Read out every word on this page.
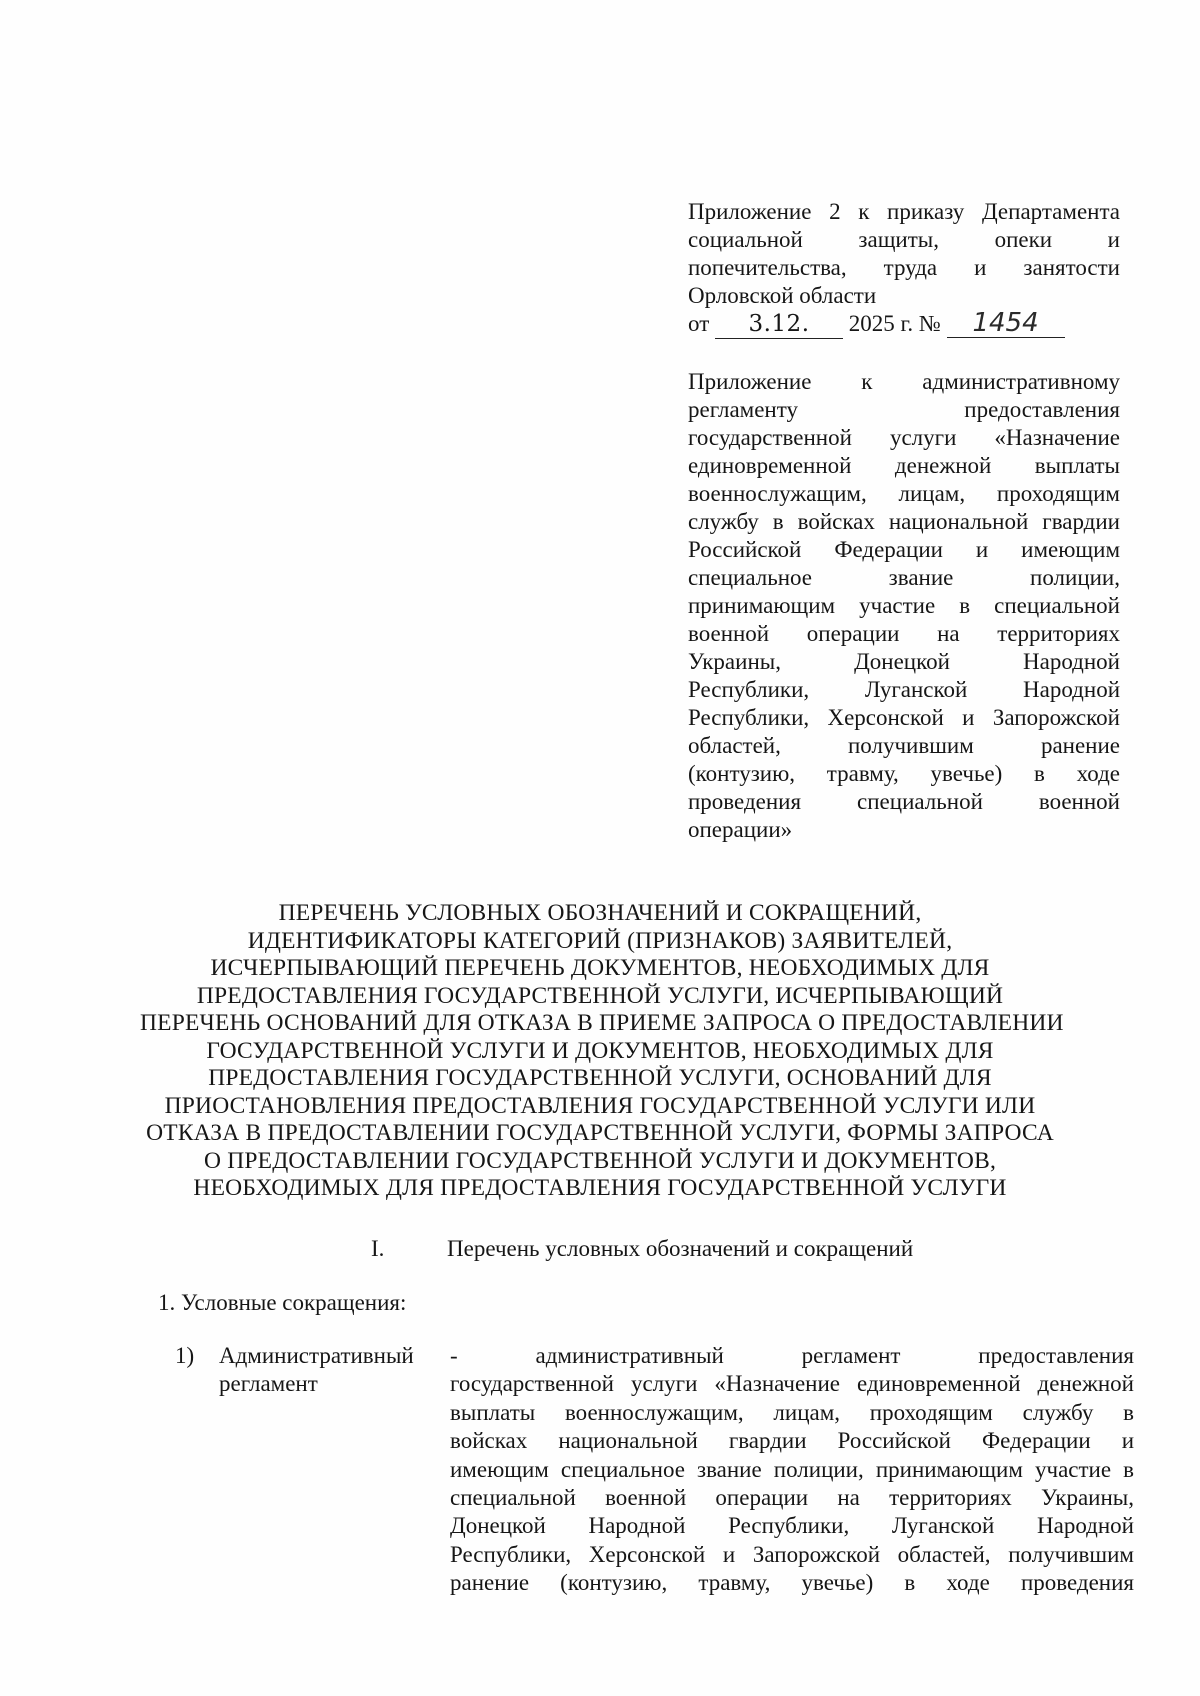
Приложение 2 к приказу Департамента
социальной защиты, опеки и
попечительства, труда и занятости
Орловской области
от 3.12. 2025 г. № 1454
Приложение к административному
регламенту предоставления
государственной услуги «Назначение
единовременной денежной выплаты
военнослужащим, лицам, проходящим
службу в войсках национальной гвардии
Российской Федерации и имеющим
специальное звание полиции,
принимающим участие в специальной
военной операции на территориях
Украины, Донецкой Народной
Республики, Луганской Народной
Республики, Херсонской и Запорожской
областей, получившим ранение
(контузию, травму, увечье) в ходе
проведения специальной военной
операции»
ПЕРЕЧЕНЬ УСЛОВНЫХ ОБОЗНАЧЕНИЙ И СОКРАЩЕНИЙ,
ИДЕНТИФИКАТОРЫ КАТЕГОРИЙ (ПРИЗНАКОВ) ЗАЯВИТЕЛЕЙ,
ИСЧЕРПЫВАЮЩИЙ ПЕРЕЧЕНЬ ДОКУМЕНТОВ, НЕОБХОДИМЫХ ДЛЯ
ПРЕДОСТАВЛЕНИЯ ГОСУДАРСТВЕННОЙ УСЛУГИ, ИСЧЕРПЫВАЮЩИЙ
ПЕРЕЧЕНЬ ОСНОВАНИЙ ДЛЯ ОТКАЗА В ПРИЕМЕ ЗАПРОСА О ПРЕДОСТАВЛЕНИИ
ГОСУДАРСТВЕННОЙ УСЛУГИ И ДОКУМЕНТОВ, НЕОБХОДИМЫХ ДЛЯ
ПРЕДОСТАВЛЕНИЯ ГОСУДАРСТВЕННОЙ УСЛУГИ, ОСНОВАНИЙ ДЛЯ
ПРИОСТАНОВЛЕНИЯ ПРЕДОСТАВЛЕНИЯ ГОСУДАРСТВЕННОЙ УСЛУГИ ИЛИ
ОТКАЗА В ПРЕДОСТАВЛЕНИИ ГОСУДАРСТВЕННОЙ УСЛУГИ, ФОРМЫ ЗАПРОСА
О ПРЕДОСТАВЛЕНИИ ГОСУДАРСТВЕННОЙ УСЛУГИ И ДОКУМЕНТОВ,
НЕОБХОДИМЫХ ДЛЯ ПРЕДОСТАВЛЕНИЯ ГОСУДАРСТВЕННОЙ УСЛУГИ
I.	Перечень условных обозначений и сокращений
1. Условные сокращения:
1) Административный
регламент
- административный регламент предоставления
государственной услуги «Назначение единовременной денежной
выплаты военнослужащим, лицам, проходящим службу в
войсках национальной гвардии Российской Федерации и
имеющим специальное звание полиции, принимающим участие в
специальной военной операции на территориях Украины,
Донецкой Народной Республики, Луганской Народной
Республики, Херсонской и Запорожской областей, получившим
ранение (контузию, травму, увечье) в ходе проведения
